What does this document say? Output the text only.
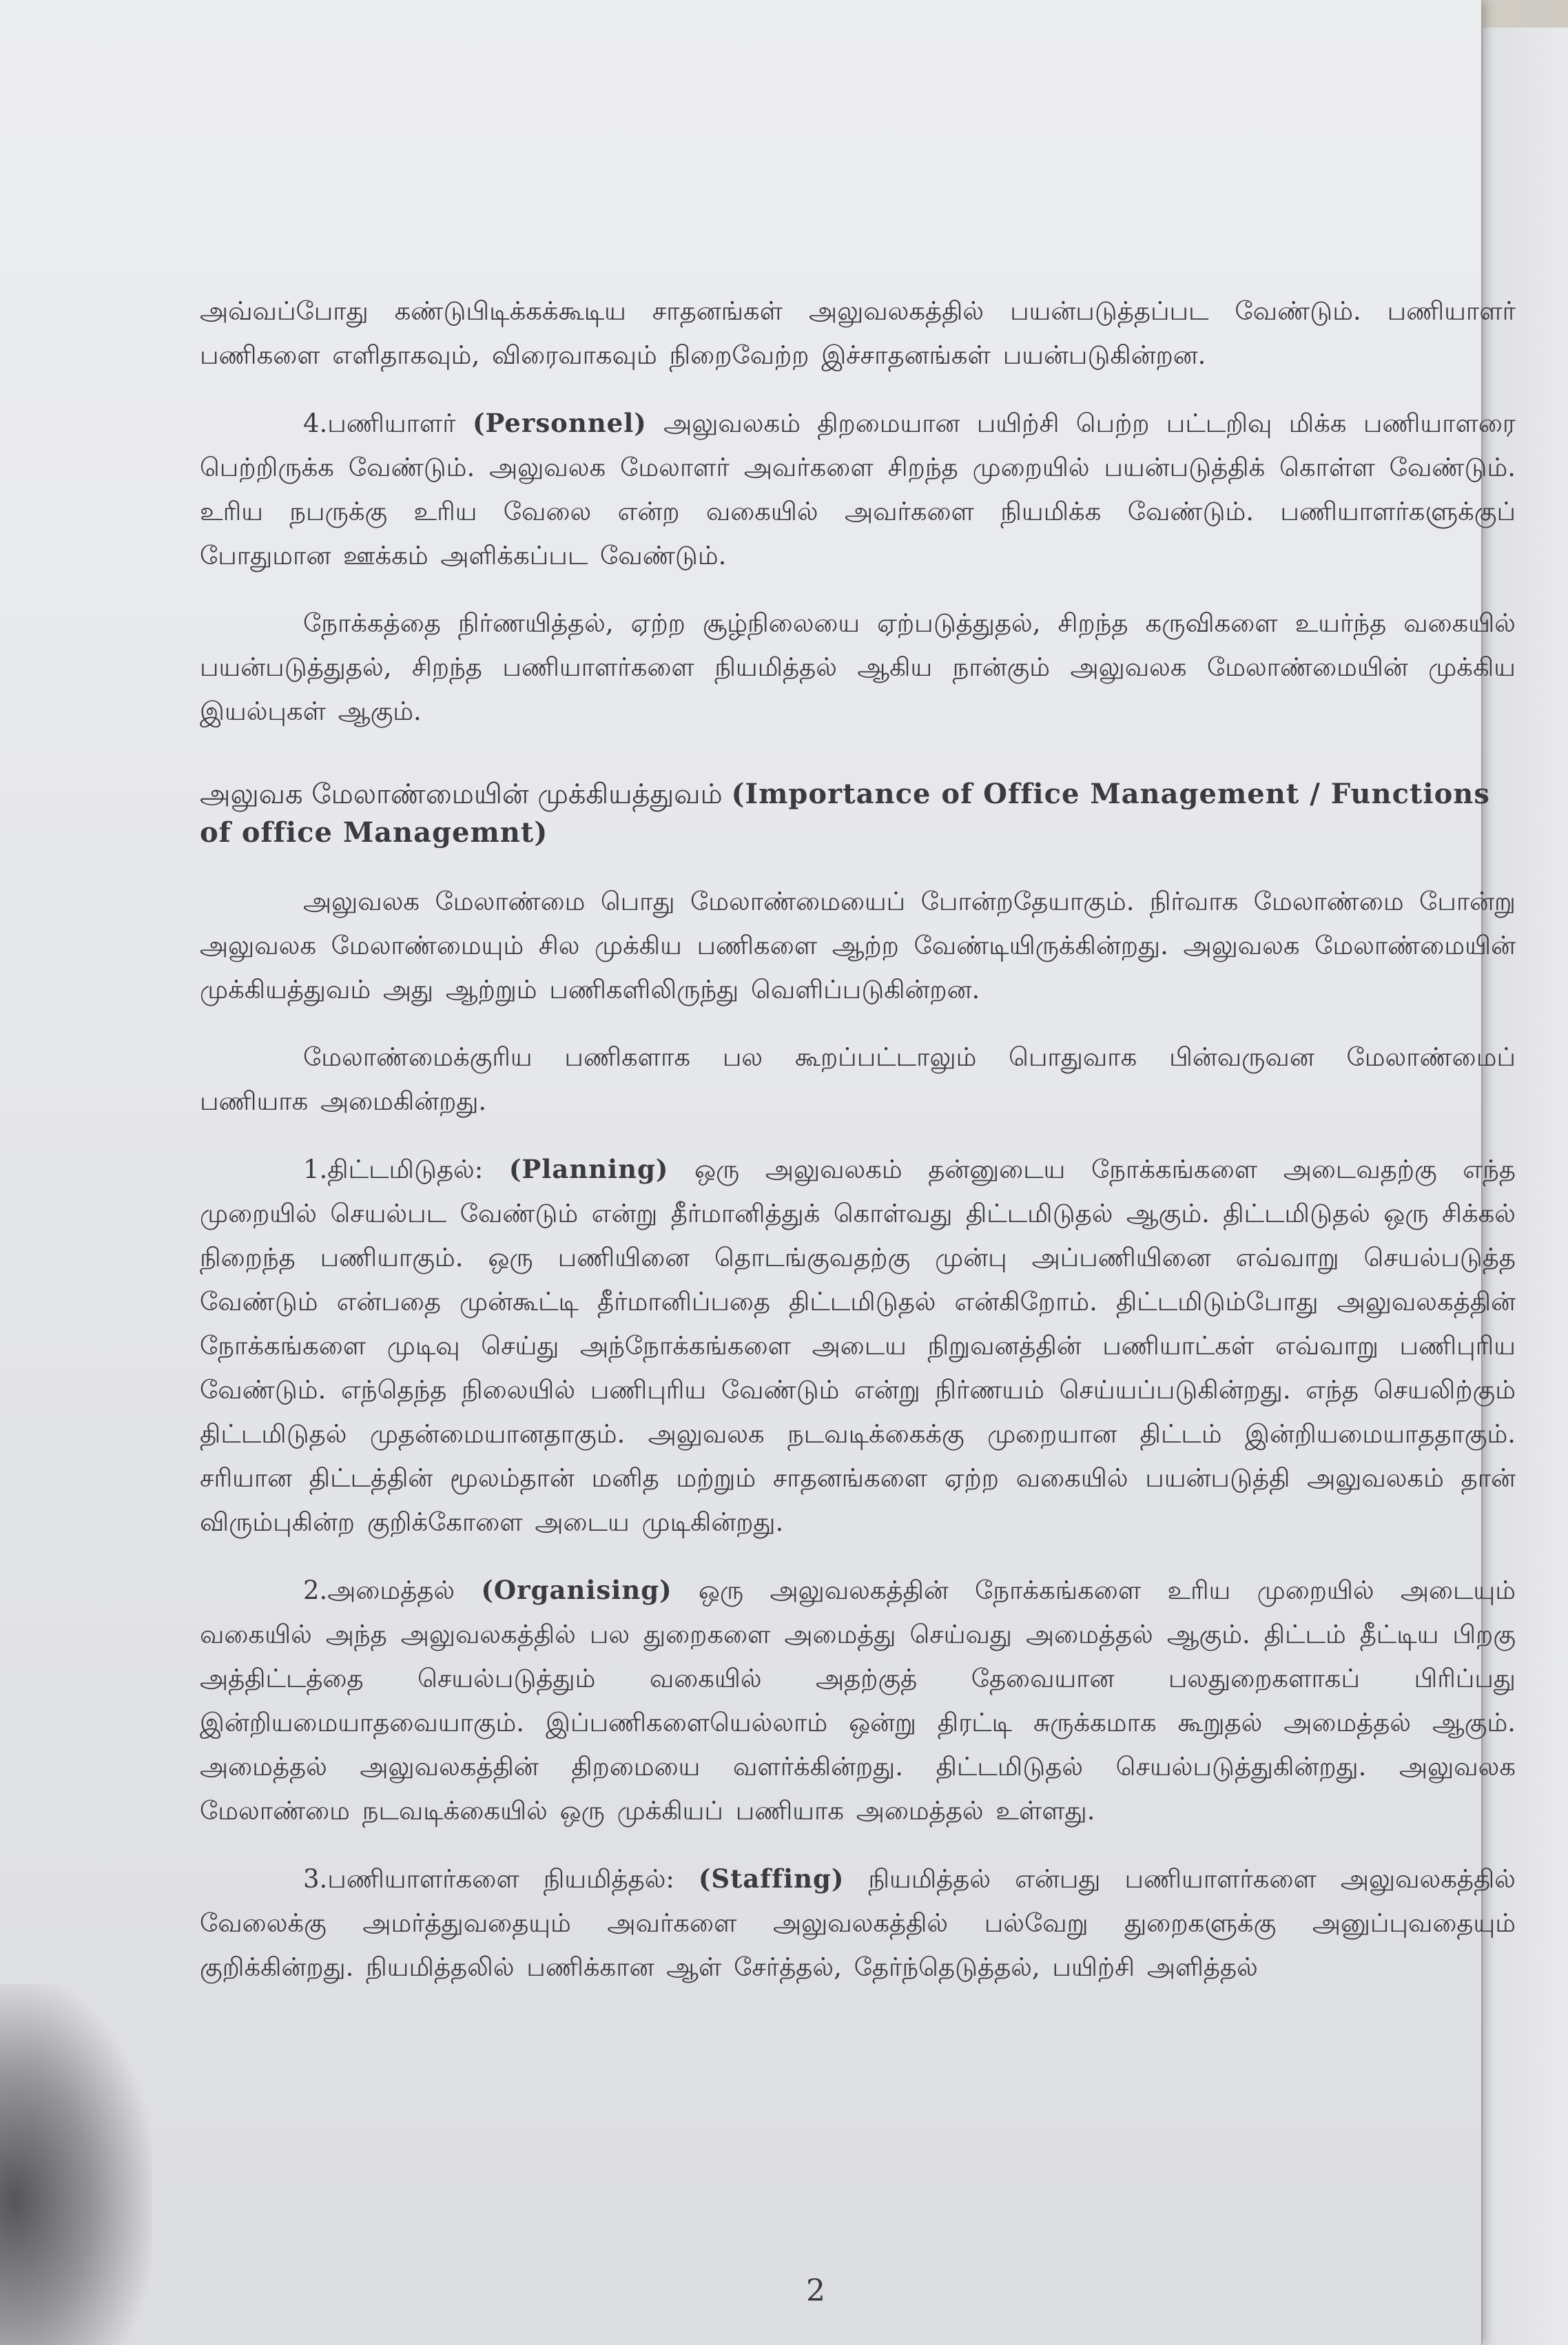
அவ்வப்போது கண்டுபிடிக்கக்கூடிய சாதனங்கள் அலுவலகத்தில் பயன்படுத்தப்பட வேண்டும். பணியாளர் பணிகளை எளிதாகவும், விரைவாகவும் நிறைவேற்ற இச்சாதனங்கள் பயன்படுகின்றன.

4.பணியாளர் (Personnel) அலுவலகம் திறமையான பயிற்சி பெற்ற பட்டறிவு மிக்க பணியாளரை பெற்றிருக்க வேண்டும். அலுவலக மேலாளர் அவர்களை சிறந்த முறையில் பயன்படுத்திக் கொள்ள வேண்டும். உரிய நபருக்கு உரிய வேலை என்ற வகையில் அவர்களை நியமிக்க வேண்டும். பணியாளர்களுக்குப் போதுமான ஊக்கம் அளிக்கப்பட வேண்டும்.

நோக்கத்தை நிர்ணயித்தல், ஏற்ற சூழ்நிலையை ஏற்படுத்துதல், சிறந்த கருவிகளை உயர்ந்த வகையில் பயன்படுத்துதல், சிறந்த பணியாளர்களை நியமித்தல் ஆகிய நான்கும் அலுவலக மேலாண்மையின் முக்கிய இயல்புகள் ஆகும்.

அலுவக மேலாண்மையின் முக்கியத்துவம் (Importance of Office Management / Functions of office Managemnt)

அலுவலக மேலாண்மை பொது மேலாண்மையைப் போன்றதேயாகும். நிர்வாக மேலாண்மை போன்று அலுவலக மேலாண்மையும் சில முக்கிய பணிகளை ஆற்ற வேண்டியிருக்கின்றது. அலுவலக மேலாண்மையின் முக்கியத்துவம் அது ஆற்றும் பணிகளிலிருந்து வெளிப்படுகின்றன.

மேலாண்மைக்குரிய பணிகளாக பல கூறப்பட்டாலும் பொதுவாக பின்வருவன மேலாண்மைப் பணியாக அமைகின்றது.

1.திட்டமிடுதல்: (Planning) ஒரு அலுவலகம் தன்னுடைய நோக்கங்களை அடைவதற்கு எந்த முறையில் செயல்பட வேண்டும் என்று தீர்மானித்துக் கொள்வது திட்டமிடுதல் ஆகும். திட்டமிடுதல் ஒரு சிக்கல் நிறைந்த பணியாகும். ஒரு பணியினை தொடங்குவதற்கு முன்பு அப்பணியினை எவ்வாறு செயல்படுத்த வேண்டும் என்பதை முன்கூட்டி தீர்மானிப்பதை திட்டமிடுதல் என்கிறோம். திட்டமிடும்போது அலுவலகத்தின் நோக்கங்களை முடிவு செய்து அந்நோக்கங்களை அடைய நிறுவனத்தின் பணியாட்கள் எவ்வாறு பணிபுரிய வேண்டும். எந்தெந்த நிலையில் பணிபுரிய வேண்டும் என்று நிர்ணயம் செய்யப்படுகின்றது. எந்த செயலிற்கும் திட்டமிடுதல் முதன்மையானதாகும். அலுவலக நடவடிக்கைக்கு முறையான திட்டம் இன்றியமையாததாகும். சரியான திட்டத்தின் மூலம்தான் மனித மற்றும் சாதனங்களை ஏற்ற வகையில் பயன்படுத்தி அலுவலகம் தான் விரும்புகின்ற குறிக்கோளை அடைய முடிகின்றது.

2.அமைத்தல் (Organising) ஒரு அலுவலகத்தின் நோக்கங்களை உரிய முறையில் அடையும் வகையில் அந்த அலுவலகத்தில் பல துறைகளை அமைத்து செய்வது அமைத்தல் ஆகும். திட்டம் தீட்டிய பிறகு அத்திட்டத்தை செயல்படுத்தும் வகையில் அதற்குத் தேவையான பலதுறைகளாகப் பிரிப்பது இன்றியமையாதவையாகும். இப்பணிகளையெல்லாம் ஒன்று திரட்டி சுருக்கமாக கூறுதல் அமைத்தல் ஆகும். அமைத்தல் அலுவலகத்தின் திறமையை வளர்க்கின்றது. திட்டமிடுதல் செயல்படுத்துகின்றது. அலுவலக மேலாண்மை நடவடிக்கையில் ஒரு முக்கியப் பணியாக அமைத்தல் உள்ளது.

3.பணியாளர்களை நியமித்தல்: (Staffing) நியமித்தல் என்பது பணியாளர்களை அலுவலகத்தில் வேலைக்கு அமர்த்துவதையும் அவர்களை அலுவலகத்தில் பல்வேறு துறைகளுக்கு அனுப்புவதையும் குறிக்கின்றது. நியமித்தலில் பணிக்கான ஆள் சேர்த்தல், தேர்ந்தெடுத்தல், பயிற்சி அளித்தல்

2
